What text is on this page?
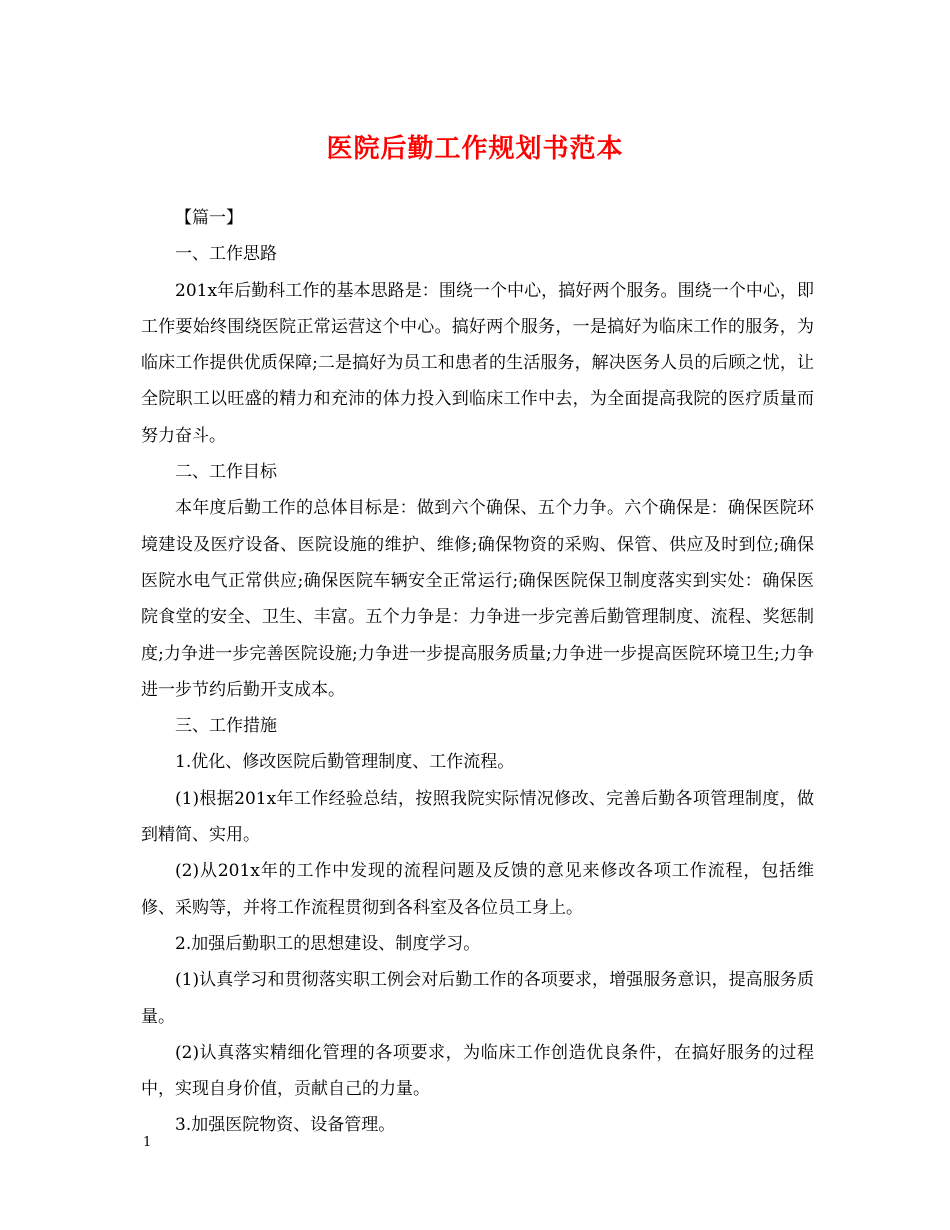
医院后勤工作规划书范本

【篇一】

一、工作思路

201x年后勤科工作的基本思路是：围绕一个中心，搞好两个服务。围绕一个中心，即工作要始终围绕医院正常运营这个中心。搞好两个服务，一是搞好为临床工作的服务，为临床工作提供优质保障;二是搞好为员工和患者的生活服务，解决医务人员的后顾之忧，让全院职工以旺盛的精力和充沛的体力投入到临床工作中去，为全面提高我院的医疗质量而努力奋斗。

二、工作目标

本年度后勤工作的总体目标是：做到六个确保、五个力争。六个确保是：确保医院环境建设及医疗设备、医院设施的维护、维修;确保物资的采购、保管、供应及时到位;确保医院水电气正常供应;确保医院车辆安全正常运行;确保医院保卫制度落实到实处：确保医院食堂的安全、卫生、丰富。五个力争是：力争进一步完善后勤管理制度、流程、奖惩制度;力争进一步完善医院设施;力争进一步提高服务质量;力争进一步提高医院环境卫生;力争进一步节约后勤开支成本。

三、工作措施

1.优化、修改医院后勤管理制度、工作流程。

(1)根据201x年工作经验总结，按照我院实际情况修改、完善后勤各项管理制度，做到精简、实用。

(2)从201x年的工作中发现的流程问题及反馈的意见来修改各项工作流程，包括维修、采购等，并将工作流程贯彻到各科室及各位员工身上。

2.加强后勤职工的思想建设、制度学习。

(1)认真学习和贯彻落实职工例会对后勤工作的各项要求，增强服务意识，提高服务质量。

(2)认真落实精细化管理的各项要求，为临床工作创造优良条件，在搞好服务的过程中，实现自身价值，贡献自己的力量。

3.加强医院物资、设备管理。

1
